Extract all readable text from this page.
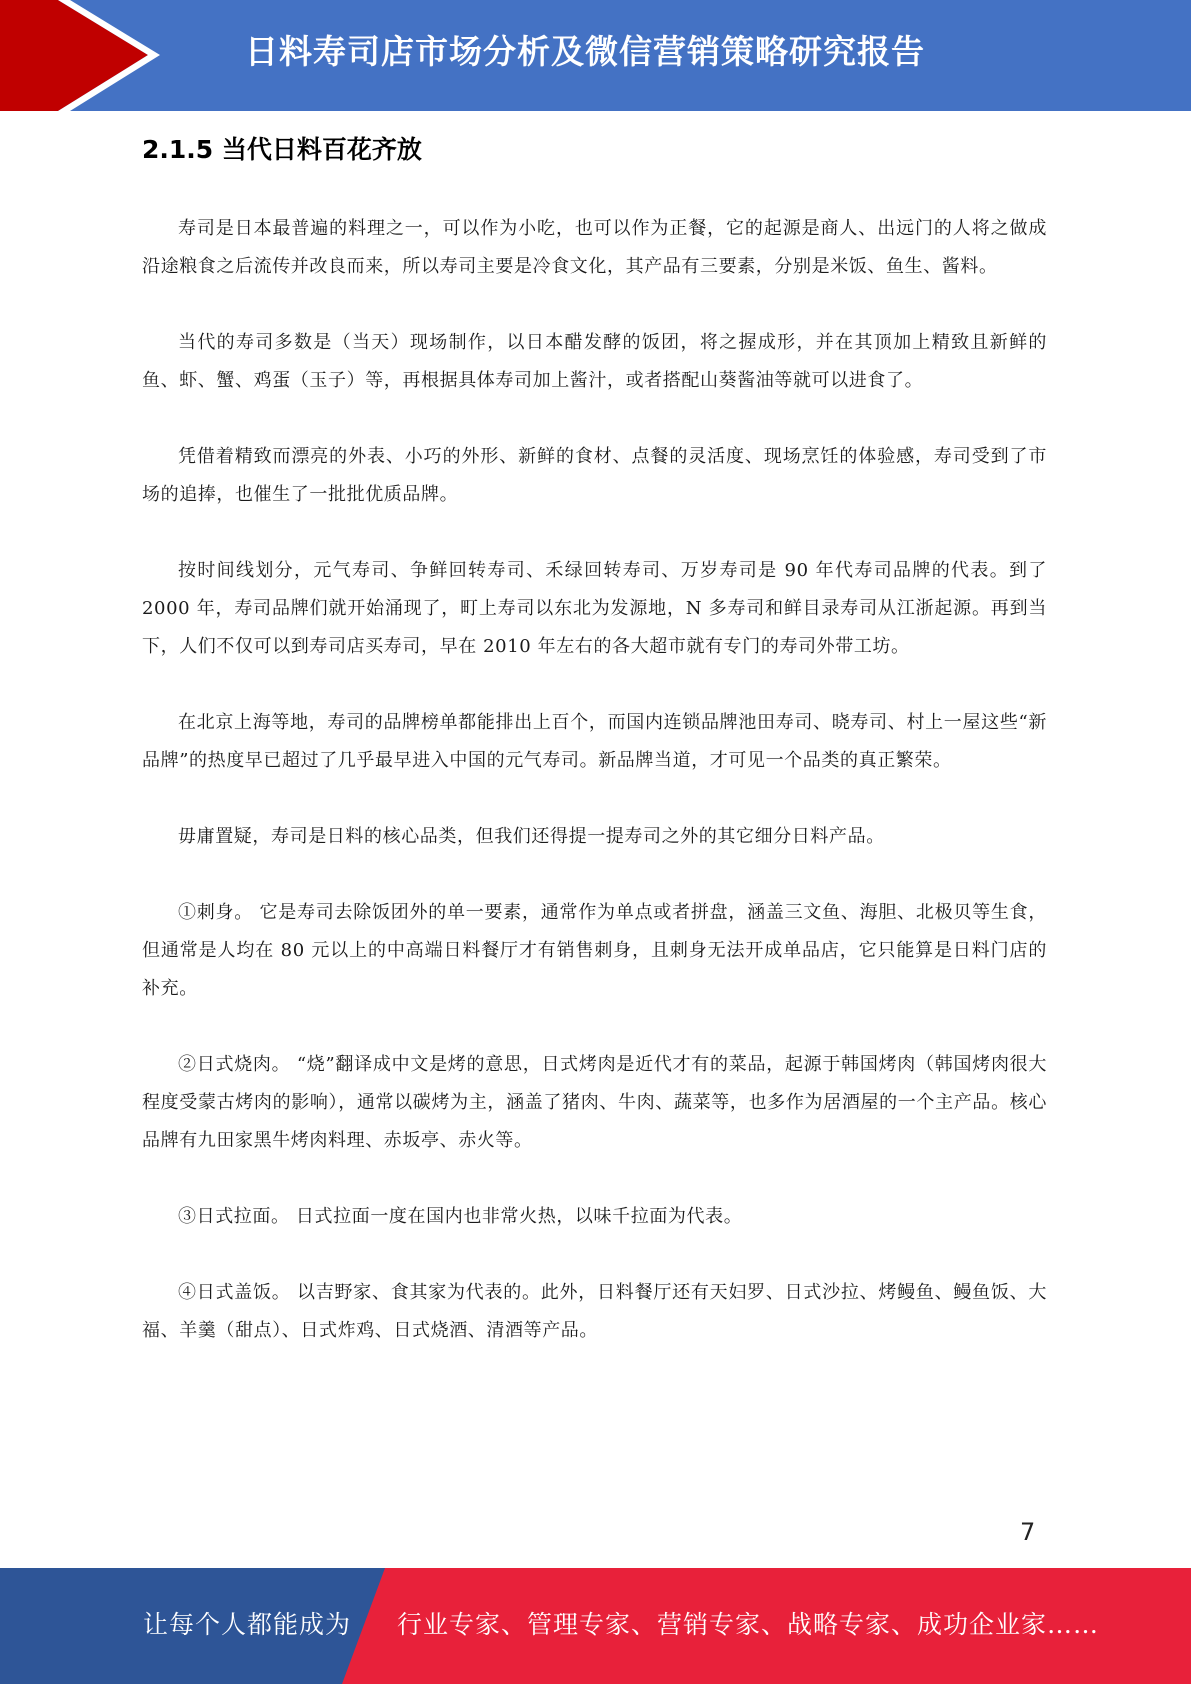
日料寿司店市场分析及微信营销策略研究报告
2.1.5 当代日料百花齐放

寿司是日本最普遍的料理之一，可以作为小吃，也可以作为正餐，它的起源是商人、出远门的人将之做成沿途粮食之后流传并改良而来，所以寿司主要是冷食文化，其产品有三要素，分别是米饭、鱼生、酱料。

当代的寿司多数是（当天）现场制作，以日本醋发酵的饭团，将之握成形，并在其顶加上精致且新鲜的鱼、虾、蟹、鸡蛋（玉子）等，再根据具体寿司加上酱汁，或者搭配山葵酱油等就可以进食了。

凭借着精致而漂亮的外表、小巧的外形、新鲜的食材、点餐的灵活度、现场烹饪的体验感，寿司受到了市场的追捧，也催生了一批批优质品牌。

按时间线划分，元气寿司、争鲜回转寿司、禾绿回转寿司、万岁寿司是 90 年代寿司品牌的代表。到了 2000 年，寿司品牌们就开始涌现了，町上寿司以东北为发源地，N 多寿司和鲜目录寿司从江浙起源。再到当下，人们不仅可以到寿司店买寿司，早在 2010 年左右的各大超市就有专门的寿司外带工坊。

在北京上海等地，寿司的品牌榜单都能排出上百个，而国内连锁品牌池田寿司、晓寿司、村上一屋这些“新品牌”的热度早已超过了几乎最早进入中国的元气寿司。新品牌当道，才可见一个品类的真正繁荣。

毋庸置疑，寿司是日料的核心品类，但我们还得提一提寿司之外的其它细分日料产品。

①刺身。 它是寿司去除饭团外的单一要素，通常作为单点或者拼盘，涵盖三文鱼、海胆、北极贝等生食，但通常是人均在 80 元以上的中高端日料餐厅才有销售刺身，且刺身无法开成单品店，它只能算是日料门店的补充。

②日式烧肉。 “烧”翻译成中文是烤的意思，日式烤肉是近代才有的菜品，起源于韩国烤肉（韩国烤肉很大程度受蒙古烤肉的影响），通常以碳烤为主，涵盖了猪肉、牛肉、蔬菜等，也多作为居酒屋的一个主产品。核心品牌有九田家黑牛烤肉料理、赤坂亭、赤火等。

③日式拉面。 日式拉面一度在国内也非常火热，以味千拉面为代表。

④日式盖饭。 以吉野家、食其家为代表的。此外，日料餐厅还有天妇罗、日式沙拉、烤鳗鱼、鳗鱼饭、大福、羊羹（甜点）、日式炸鸡、日式烧酒、清酒等产品。

7
让每个人都能成为 行业专家、管理专家、营销专家、战略专家、成功企业家……
